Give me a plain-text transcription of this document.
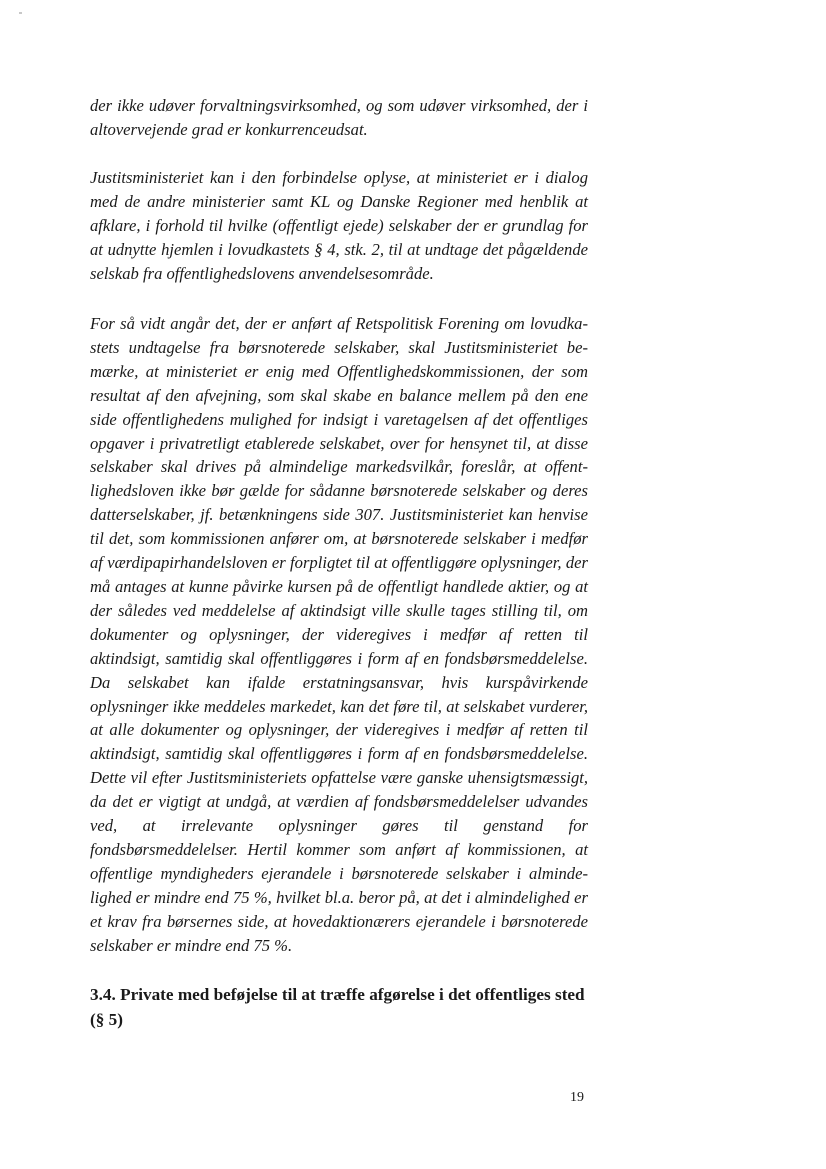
der ikke udøver forvaltningsvirksomhed, og som udøver virksomhed, der i altovervejende grad er konkurrenceudsat.

Justitsministeriet kan i den forbindelse oplyse, at ministeriet er i dialog med de andre ministerier samt KL og Danske Regioner med henblik at afklare, i forhold til hvilke (offentligt ejede) selskaber der er grundlag for at udnytte hjemlen i lovudkastets § 4, stk. 2, til at undtage det pågældende selskab fra offentlighedslovens anvendelsesområde.

For så vidt angår det, der er anført af Retspolitisk Forening om lovudkastets undtagelse fra børsnoterede selskaber, skal Justitsministeriet bemærke, at ministeriet er enig med Offentlighedskommissionen, der som resultat af den afvejning, som skal skabe en balance mellem på den ene side offentlighedens mulighed for indsigt i varetagelsen af det offentliges opgaver i privatretligt etablerede selskabet, over for hensynet til, at disse selskaber skal drives på almindelige markedsvilkår, foreslår, at offentlighedsloven ikke bør gælde for sådanne børsnoterede selskaber og deres datterselskaber, jf. betænkningens side 307. Justitsministeriet kan henvise til det, som kommissionen anfører om, at børsnoterede selskaber i medfør af værdipapirhandelsloven er forpligtet til at offentliggøre oplysninger, der må antages at kunne påvirke kursen på de offentligt handlede aktier, og at der således ved meddelelse af aktindsigt ville skulle tages stilling til, om dokumenter og oplysninger, der videregives i medfør af retten til aktindsigt, samtidig skal offentliggøres i form af en fondsbørsmeddelelse. Da selskabet kan ifalde erstatningsansvar, hvis kurspåvirkende oplysninger ikke meddeles markedet, kan det føre til, at selskabet vurderer, at alle dokumenter og oplysninger, der videregives i medfør af retten til aktindsigt, samtidig skal offentliggøres i form af en fondsbørsmeddelelse. Dette vil efter Justitsministeriets opfattelse være ganske uhensigtsmæssigt, da det er vigtigt at undgå, at værdien af fondsbørsmeddelelser udvandes ved, at irrelevante oplysninger gøres til genstand for fondsbørsmeddelelser. Hertil kommer som anført af kommissionen, at offentlige myndigheders ejerandele i børsnoterede selskaber i almindelighed er mindre end 75 %, hvilket bl.a. beror på, at det i almindelighed er et krav fra børsernes side, at hovedaktionærers ejerandele i børsnoterede selskaber er mindre end 75 %.

3.4. Private med beføjelse til at træffe afgørelse i det offentliges sted (§ 5)
19
